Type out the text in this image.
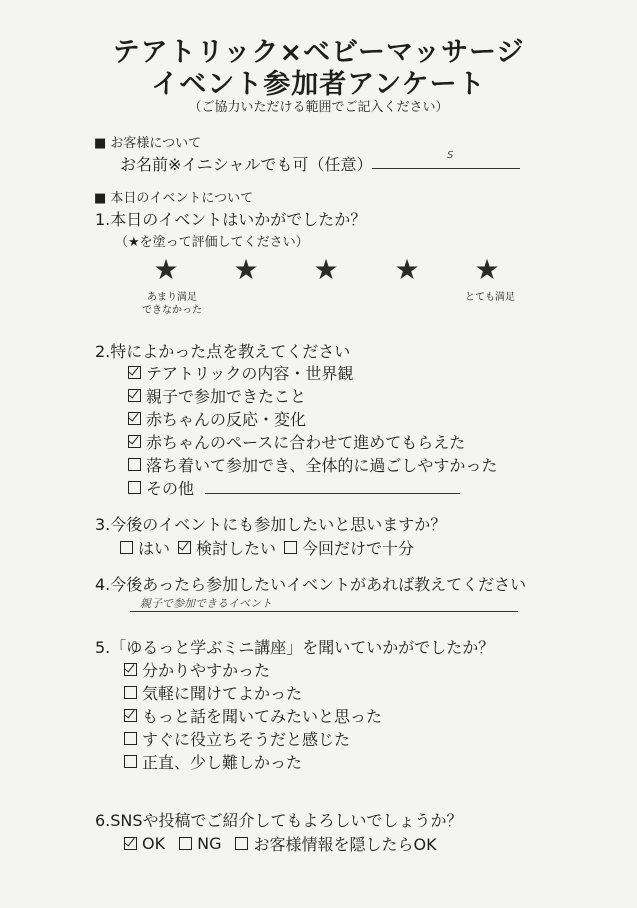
テアトリック×ベビーマッサージ
イベント参加者アンケート
（ご協力いただける範囲でご記入ください）
■ お客様について
お名前※イニシャルでも可（任意）	S
■ 本日のイベントについて
1.本日のイベントはいかがでしたか？
（★を塗って評価してください）
★ ★ ★ ★ ★
あまり満足
できなかった
とても満足
2.特によかった点を教えてください
テアトリックの内容・世界観
親子で参加できたこと
赤ちゃんの反応・変化
赤ちゃんのペースに合わせて進めてもらえた
落ち着いて参加でき、全体的に過ごしやすかった
その他
3.今後のイベントにも参加したいと思いますか？
はい 検討したい 今回だけで十分
4.今後あったら参加したいイベントがあれば教えてください
親子で参加できるイベント
5.「ゆるっと学ぶミニ講座」を聞いていかがでしたか？
分かりやすかった
気軽に聞けてよかった
もっと話を聞いてみたいと思った
すぐに役立ちそうだと感じた
正直、少し難しかった
6.SNSや投稿でご紹介してもよろしいでしょうか？
OK NG お客様情報を隠したらOK
